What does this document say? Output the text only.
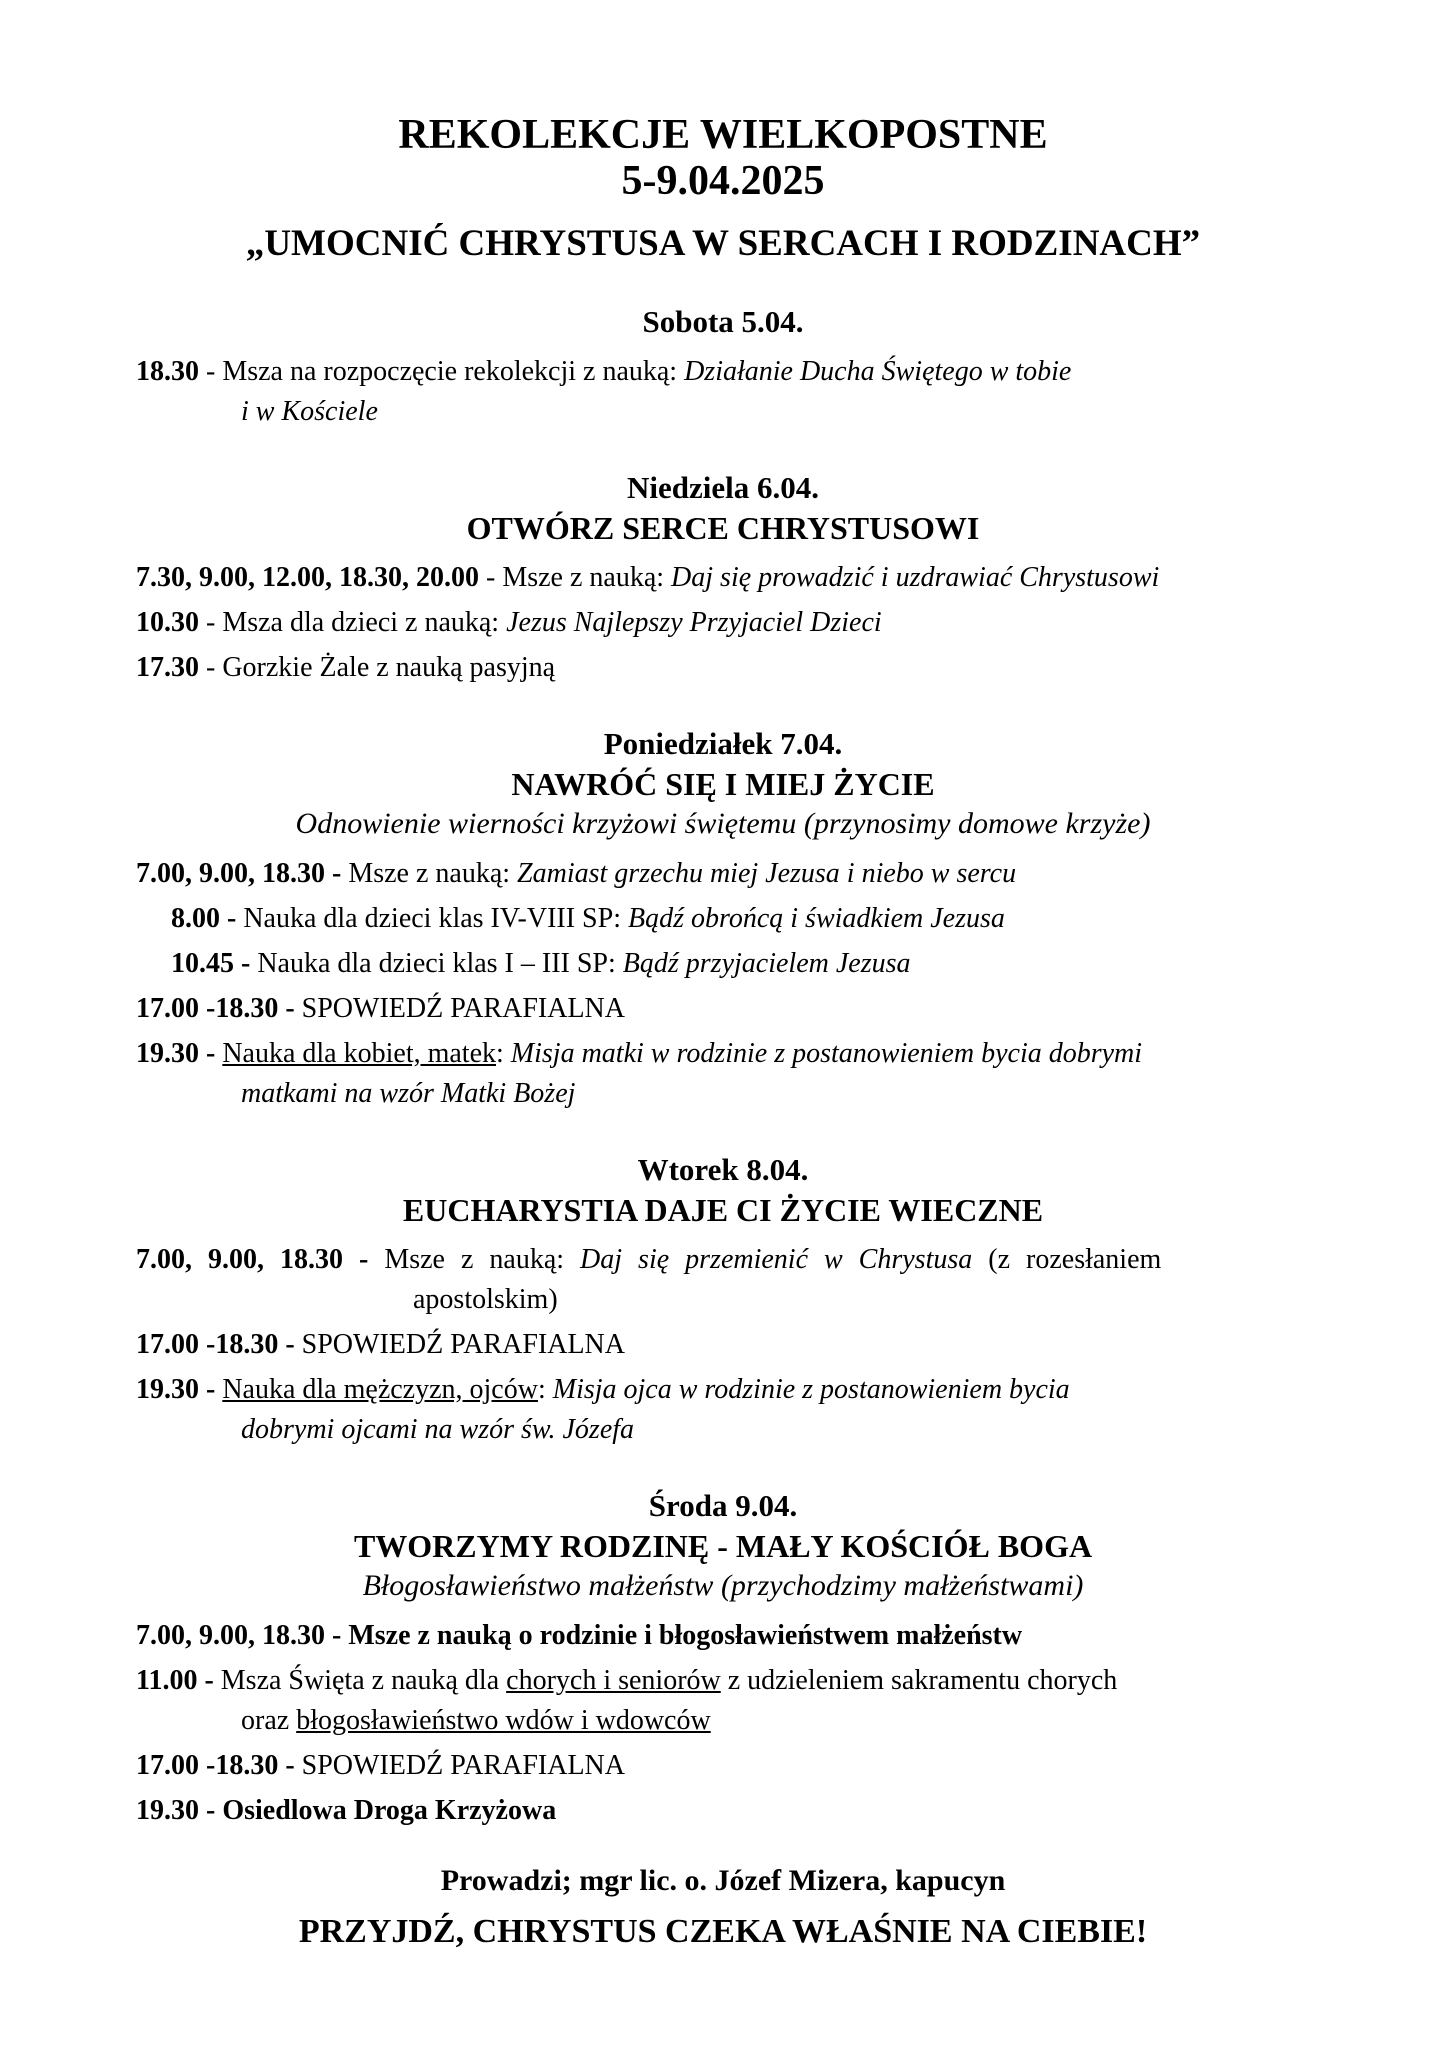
REKOLEKCJE WIELKOPOSTNE
5-9.04.2025
„UMOCNIĆ CHRYSTUSA W SERCACH I RODZINACH”
Sobota 5.04.

18.30 - Msza na rozpoczęcie rekolekcji z nauką: Działanie Ducha Świętego w tobie
i w Kościele

Niedziela 6.04.
OTWÓRZ SERCE CHRYSTUSOWI

7.30, 9.00, 12.00, 18.30, 20.00 - Msze z nauką: Daj się prowadzić i uzdrawiać Chrystusowi

10.30 - Msza dla dzieci z nauką: Jezus Najlepszy Przyjaciel Dzieci

17.30 - Gorzkie Żale z nauką pasyjną

Poniedziałek 7.04.
NAWRÓĆ SIĘ I MIEJ ŻYCIE

Odnowienie wierności krzyżowi świętemu (przynosimy domowe krzyże)

7.00, 9.00, 18.30 - Msze z nauką: Zamiast grzechu miej Jezusa i niebo w sercu

8.00 - Nauka dla dzieci klas IV-VIII SP: Bądź obrońcą i świadkiem Jezusa

10.45 - Nauka dla dzieci klas I – III SP: Bądź przyjacielem Jezusa

17.00 -18.30 - SPOWIEDŹ PARAFIALNA

19.30 - Nauka dla kobiet, matek: Misja matki w rodzinie z postanowieniem bycia dobrymi
matkami na wzór Matki Bożej

Wtorek 8.04.
EUCHARYSTIA DAJE CI ŻYCIE WIECZNE

7.00, 9.00, 18.30 - Msze z nauką: Daj się przemienić w Chrystusa (z rozesłaniem
apostolskim)

17.00 -18.30 - SPOWIEDŹ PARAFIALNA

19.30 - Nauka dla mężczyzn, ojców: Misja ojca w rodzinie z postanowieniem bycia
dobrymi ojcami na wzór św. Józefa

Środa 9.04.
TWORZYMY RODZINĘ - MAŁY KOŚCIÓŁ BOGA

Błogosławieństwo małżeństw (przychodzimy małżeństwami)

7.00, 9.00, 18.30 - Msze z nauką o rodzinie i błogosławieństwem małżeństw

11.00 - Msza Święta z nauką dla chorych i seniorów z udzieleniem sakramentu chorych
oraz błogosławieństwo wdów i wdowców

17.00 -18.30 - SPOWIEDŹ PARAFIALNA

19.30 - Osiedlowa Droga Krzyżowa

Prowadzi; mgr lic. o. Józef Mizera, kapucyn

PRZYJDŹ, CHRYSTUS CZEKA WŁAŚNIE NA CIEBIE!
